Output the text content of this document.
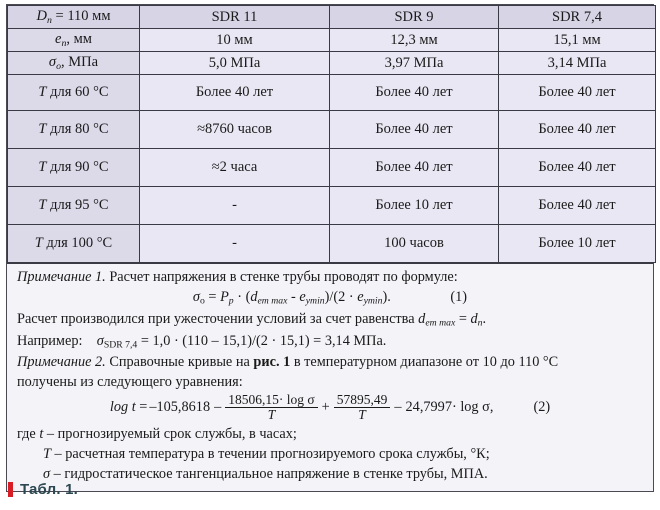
$D_n = 110$ мм	SDR 11	SDR 9	SDR 7,4
$e_n$, мм	10 мм	12,3 мм	15,1 мм
$\sigma_o$, МПа	5,0 МПа	3,97 МПа	3,14 МПа
T для 60 °C	Более 40 лет	Более 40 лет	Более 40 лет
T для 80 °C	≈8760 часов	Более 40 лет	Более 40 лет
T для 90 °C	≈2 часа	Более 40 лет	Более 40 лет
T для 95 °C	-	Более 10 лет	Более 40 лет
T для 100 °C	-	100 часов	Более 10 лет

Примечание 1. Расчет напряжения в стенке трубы проводят по формуле:

$\sigma o = P_p \cdot (d_{em max} - e_{ymin})/(2 \cdot e_{ymin})$.	(1)

Расчет производился при ужесточении условий за счет равенства $d_{em max} = d_n$.

Например: σSDR 7,4 = 1,0 · (110 – 15,1)/(2 · 15,1) = 3,14 МПа.

Примечание 2. Справочные кривые на рис. 1 в температурном диапазоне от 10 до 110 °C

получены из следующего уравнения:

$\log t = -105,8618 - \frac{\text{18506,15· log σ}}{T} + \frac{57895,49}{T} - 24,7997\cdot \log \sigma$,	(2)

где t – прогнозируемый срок службы, в часах;

T – расчетная температура в течении прогнозируемого срока службы, °К;

σ – гидростатическое тангенциальное напряжение в стенке трубы, МПА.

Табл. 1.
